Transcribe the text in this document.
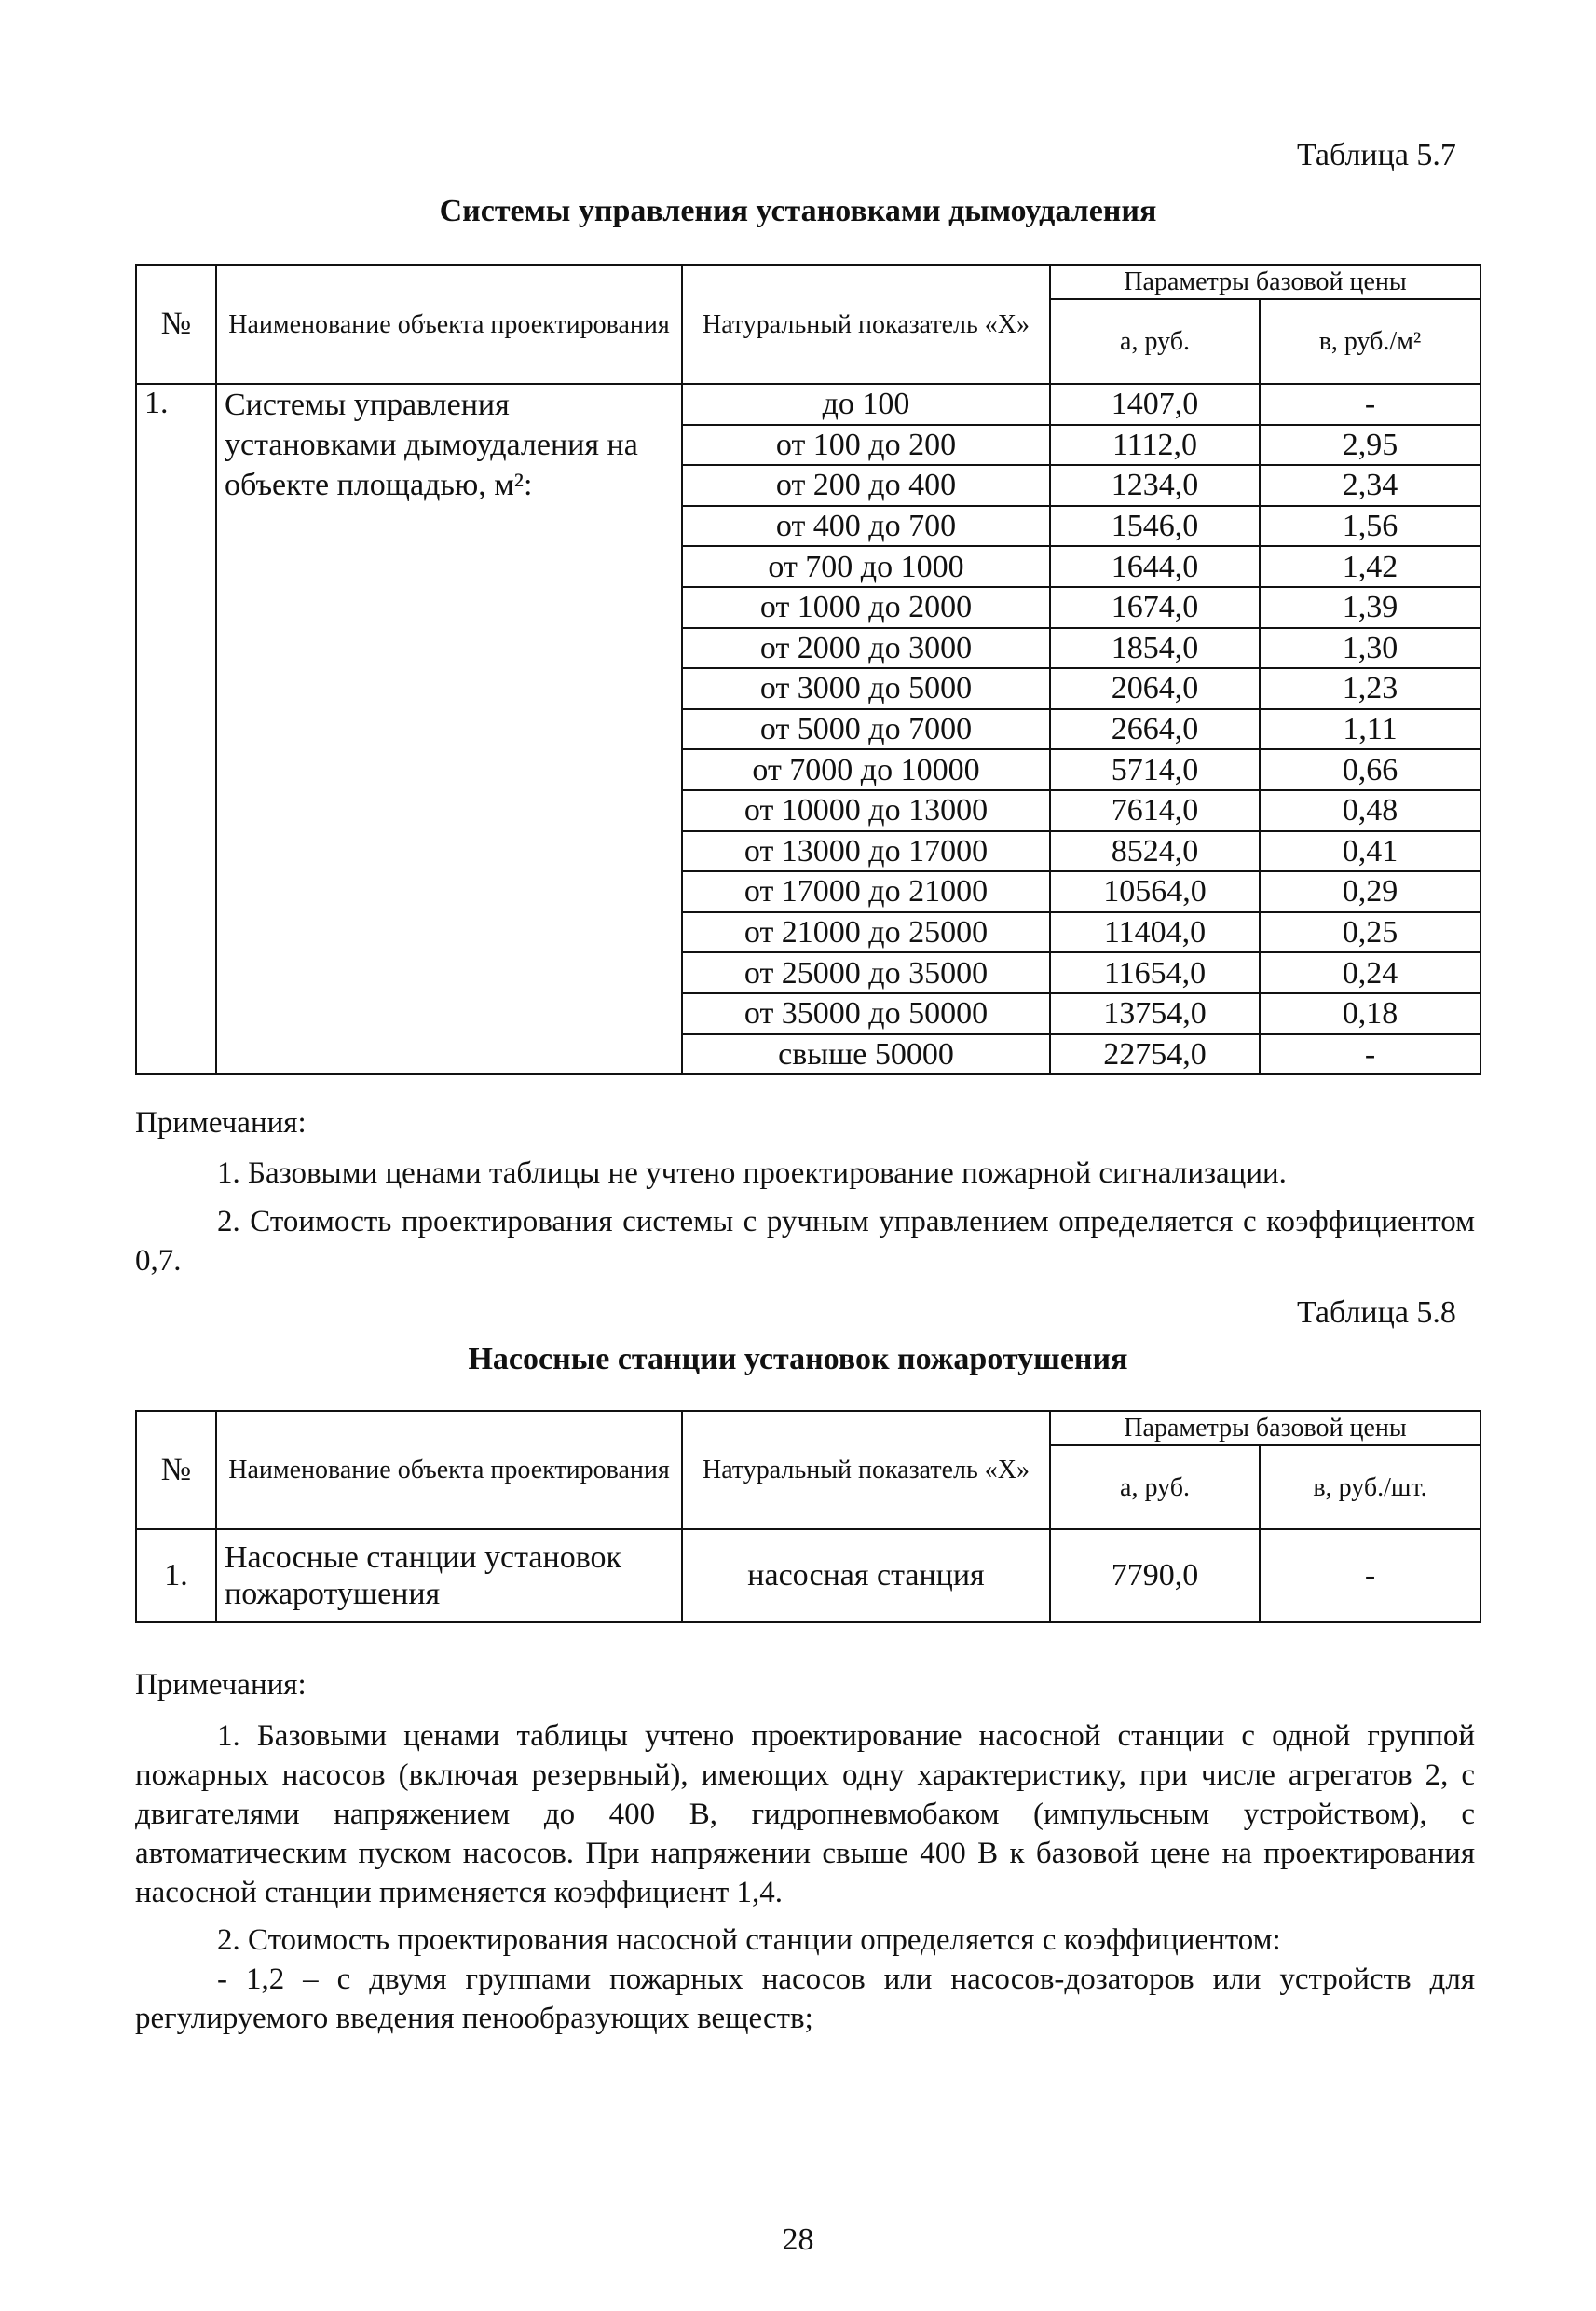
Таблица 5.7
Системы управления установками дымоудаления
№	Наименование объекта проектирования	Натуральный показатель «Х»	Параметры базовой цены	
			а, руб.	в, руб./м²
1.	Системы управления установками дымоудаления на объекте площадью, м²:	до 100	1407,0	-
		от 100 до 200	1112,0	2,95
		от 200 до 400	1234,0	2,34
		от 400 до 700	1546,0	1,56
		от 700 до 1000	1644,0	1,42
		от 1000 до 2000	1674,0	1,39
		от 2000 до 3000	1854,0	1,30
		от 3000 до 5000	2064,0	1,23
		от 5000 до 7000	2664,0	1,11
		от 7000 до 10000	5714,0	0,66
		от 10000 до 13000	7614,0	0,48
		от 13000 до 17000	8524,0	0,41
		от 17000 до 21000	10564,0	0,29
		от 21000 до 25000	11404,0	0,25
		от 25000 до 35000	11654,0	0,24
		от 35000 до 50000	13754,0	0,18
		свыше 50000	22754,0	-
Примечания:
1. Базовыми ценами таблицы не учтено проектирование пожарной сигнализации.
2. Стоимость проектирования системы с ручным управлением определяется с коэффициентом 0,7.
Таблица 5.8
Насосные станции установок пожаротушения
№	Наименование объекта проектирования	Натуральный показатель «Х»	Параметры базовой цены	
			а, руб.	в, руб./шт.
1.	Насосные станции установок пожаротушения	насосная станция	7790,0	-
Примечания:
1. Базовыми ценами таблицы учтено проектирование насосной станции с одной группой пожарных насосов (включая резервный), имеющих одну характеристику, при числе агрегатов 2, с двигателями напряжением до 400 В, гидропневмобаком (импульсным устройством), с автоматическим пуском насосов. При напряжении свыше 400 В к базовой цене на проектирования насосной станции применяется коэффициент 1,4.
2. Стоимость проектирования насосной станции определяется с коэффициентом:
- 1,2 – с двумя группами пожарных насосов или насосов-дозаторов или устройств для регулируемого введения пенообразующих веществ;
28
